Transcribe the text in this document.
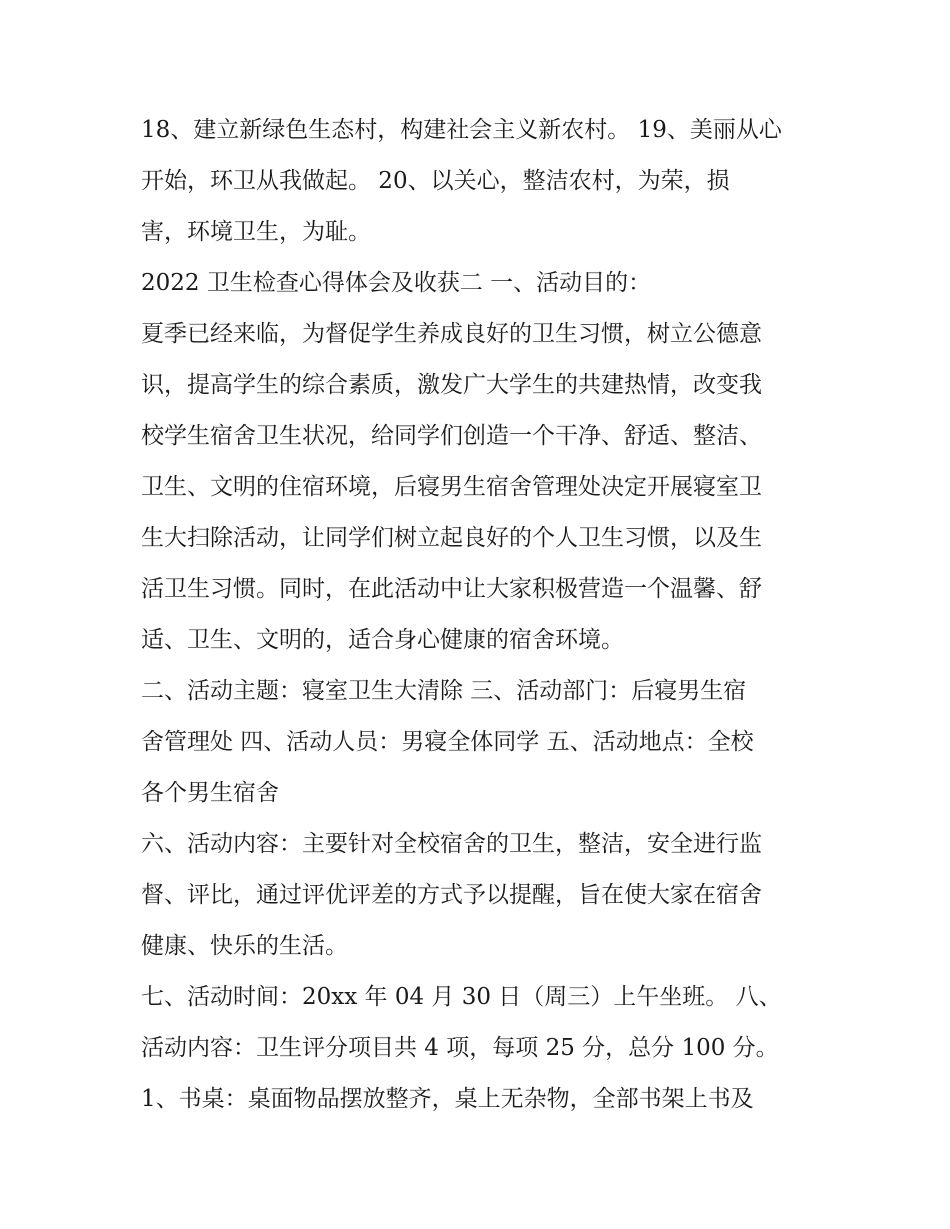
18、建立新绿色生态村，构建社会主义新农村。 19、美丽从心
开始，环卫从我做起。 20、以关心，整洁农村，为荣，损
害，环境卫生，为耻。
2022 卫生检查心得体会及收获二 一、活动目的：
夏季已经来临，为督促学生养成良好的卫生习惯，树立公德意
识，提高学生的综合素质，激发广大学生的共建热情，改变我
校学生宿舍卫生状况，给同学们创造一个干净、舒适、整洁、
卫生、文明的住宿环境，后寝男生宿舍管理处决定开展寝室卫
生大扫除活动，让同学们树立起良好的个人卫生习惯，以及生
活卫生习惯。同时，在此活动中让大家积极营造一个温馨、舒
适、卫生、文明的，适合身心健康的宿舍环境。
二、活动主题：寝室卫生大清除 三、活动部门：后寝男生宿
舍管理处 四、活动人员：男寝全体同学 五、活动地点：全校
各个男生宿舍
六、活动内容：主要针对全校宿舍的卫生，整洁，安全进行监
督、评比，通过评优评差的方式予以提醒，旨在使大家在宿舍
健康、快乐的生活。
七、活动时间：20xx 年 04 月 30 日（周三）上午坐班。 八、
活动内容：卫生评分项目共 4 项，每项 25 分，总分 100 分。
1、书桌：桌面物品摆放整齐，桌上无杂物，全部书架上书及
